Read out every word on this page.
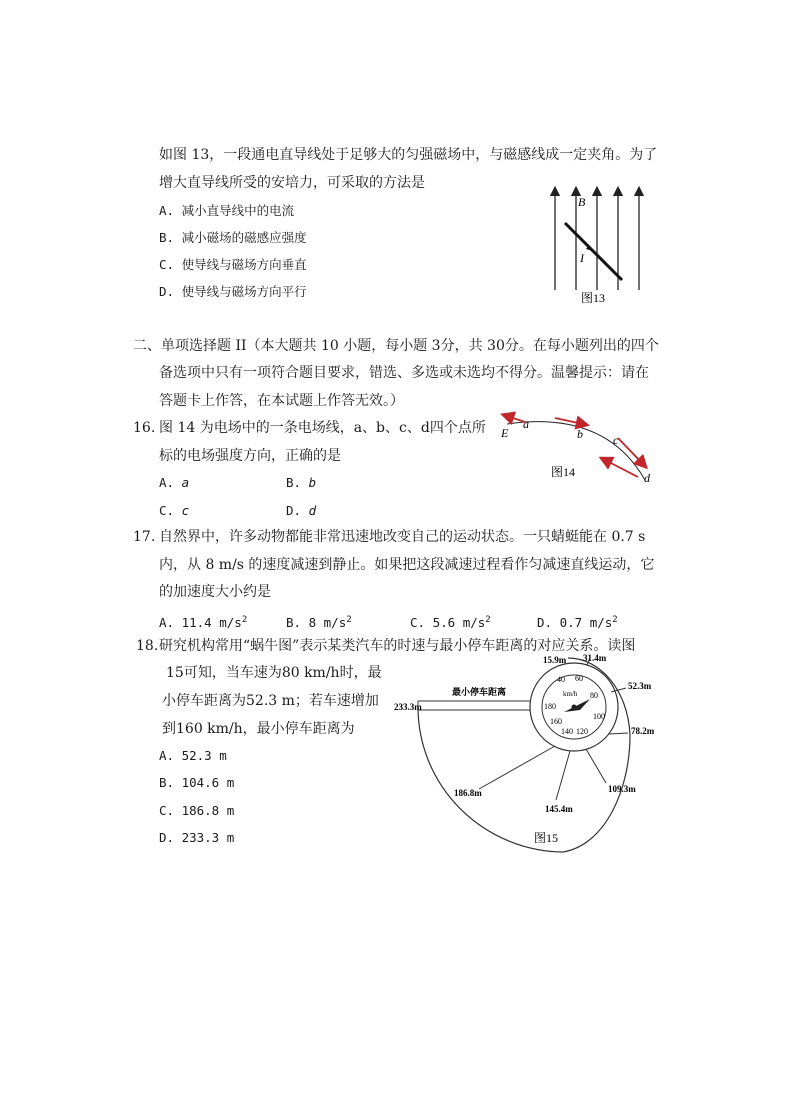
如图 13，一段通电直导线处于足够大的匀强磁场中，与磁感线成一定夹角。为了
增大直导线所受的安培力，可采取的方法是
A. 减小直导线中的电流
B. 减小磁场的磁感应强度
C. 使导线与磁场方向垂直
D. 使导线与磁场方向平行
B
I
图13
二、单项选择题 II（本大题共 10 小题，每小题 3分，共 30分。在每小题列出的四个
备选项中只有一项符合题目要求，错选、多选或未选均不得分。温馨提示：请在
答题卡上作答，在本试题上作答无效。）
16. 图 14 为电场中的一条电场线，a、b、c、d四个点所
标的电场强度方向，正确的是
A. a	B. b
C. c	D. d
E
a
b	c
d
图14
17. 自然界中，许多动物都能非常迅速地改变自己的运动状态。一只蜻蜓能在 0.7 s
内，从 8 m/s 的速度减速到静止。如果把这段减速过程看作匀减速直线运动，它
的加速度大小约是
A. 11.4 $m/s^2$	B. 8 $m/s^2$	C. 5.6 $m/s^2$	D. 0.7 $m/s^2$
18. 研究机构常用“蜗牛图”表示某类汽车的时速与最小停车距离的对应关系。读图
15可知，当车速为80 km/h时，最
小停车距离为52.3 m；若车速增加
到160 km/h，最小停车距离为
A. 52.3 m
B. 104.6 m
C. 186.8 m
D. 233.3 m
最小停车距离	km/h
40 60
80
100
120
140
160
180
15.9m 31.4m
52.3m
78.2m
109.3m
145.4m
186.8m
233.3m
图15
